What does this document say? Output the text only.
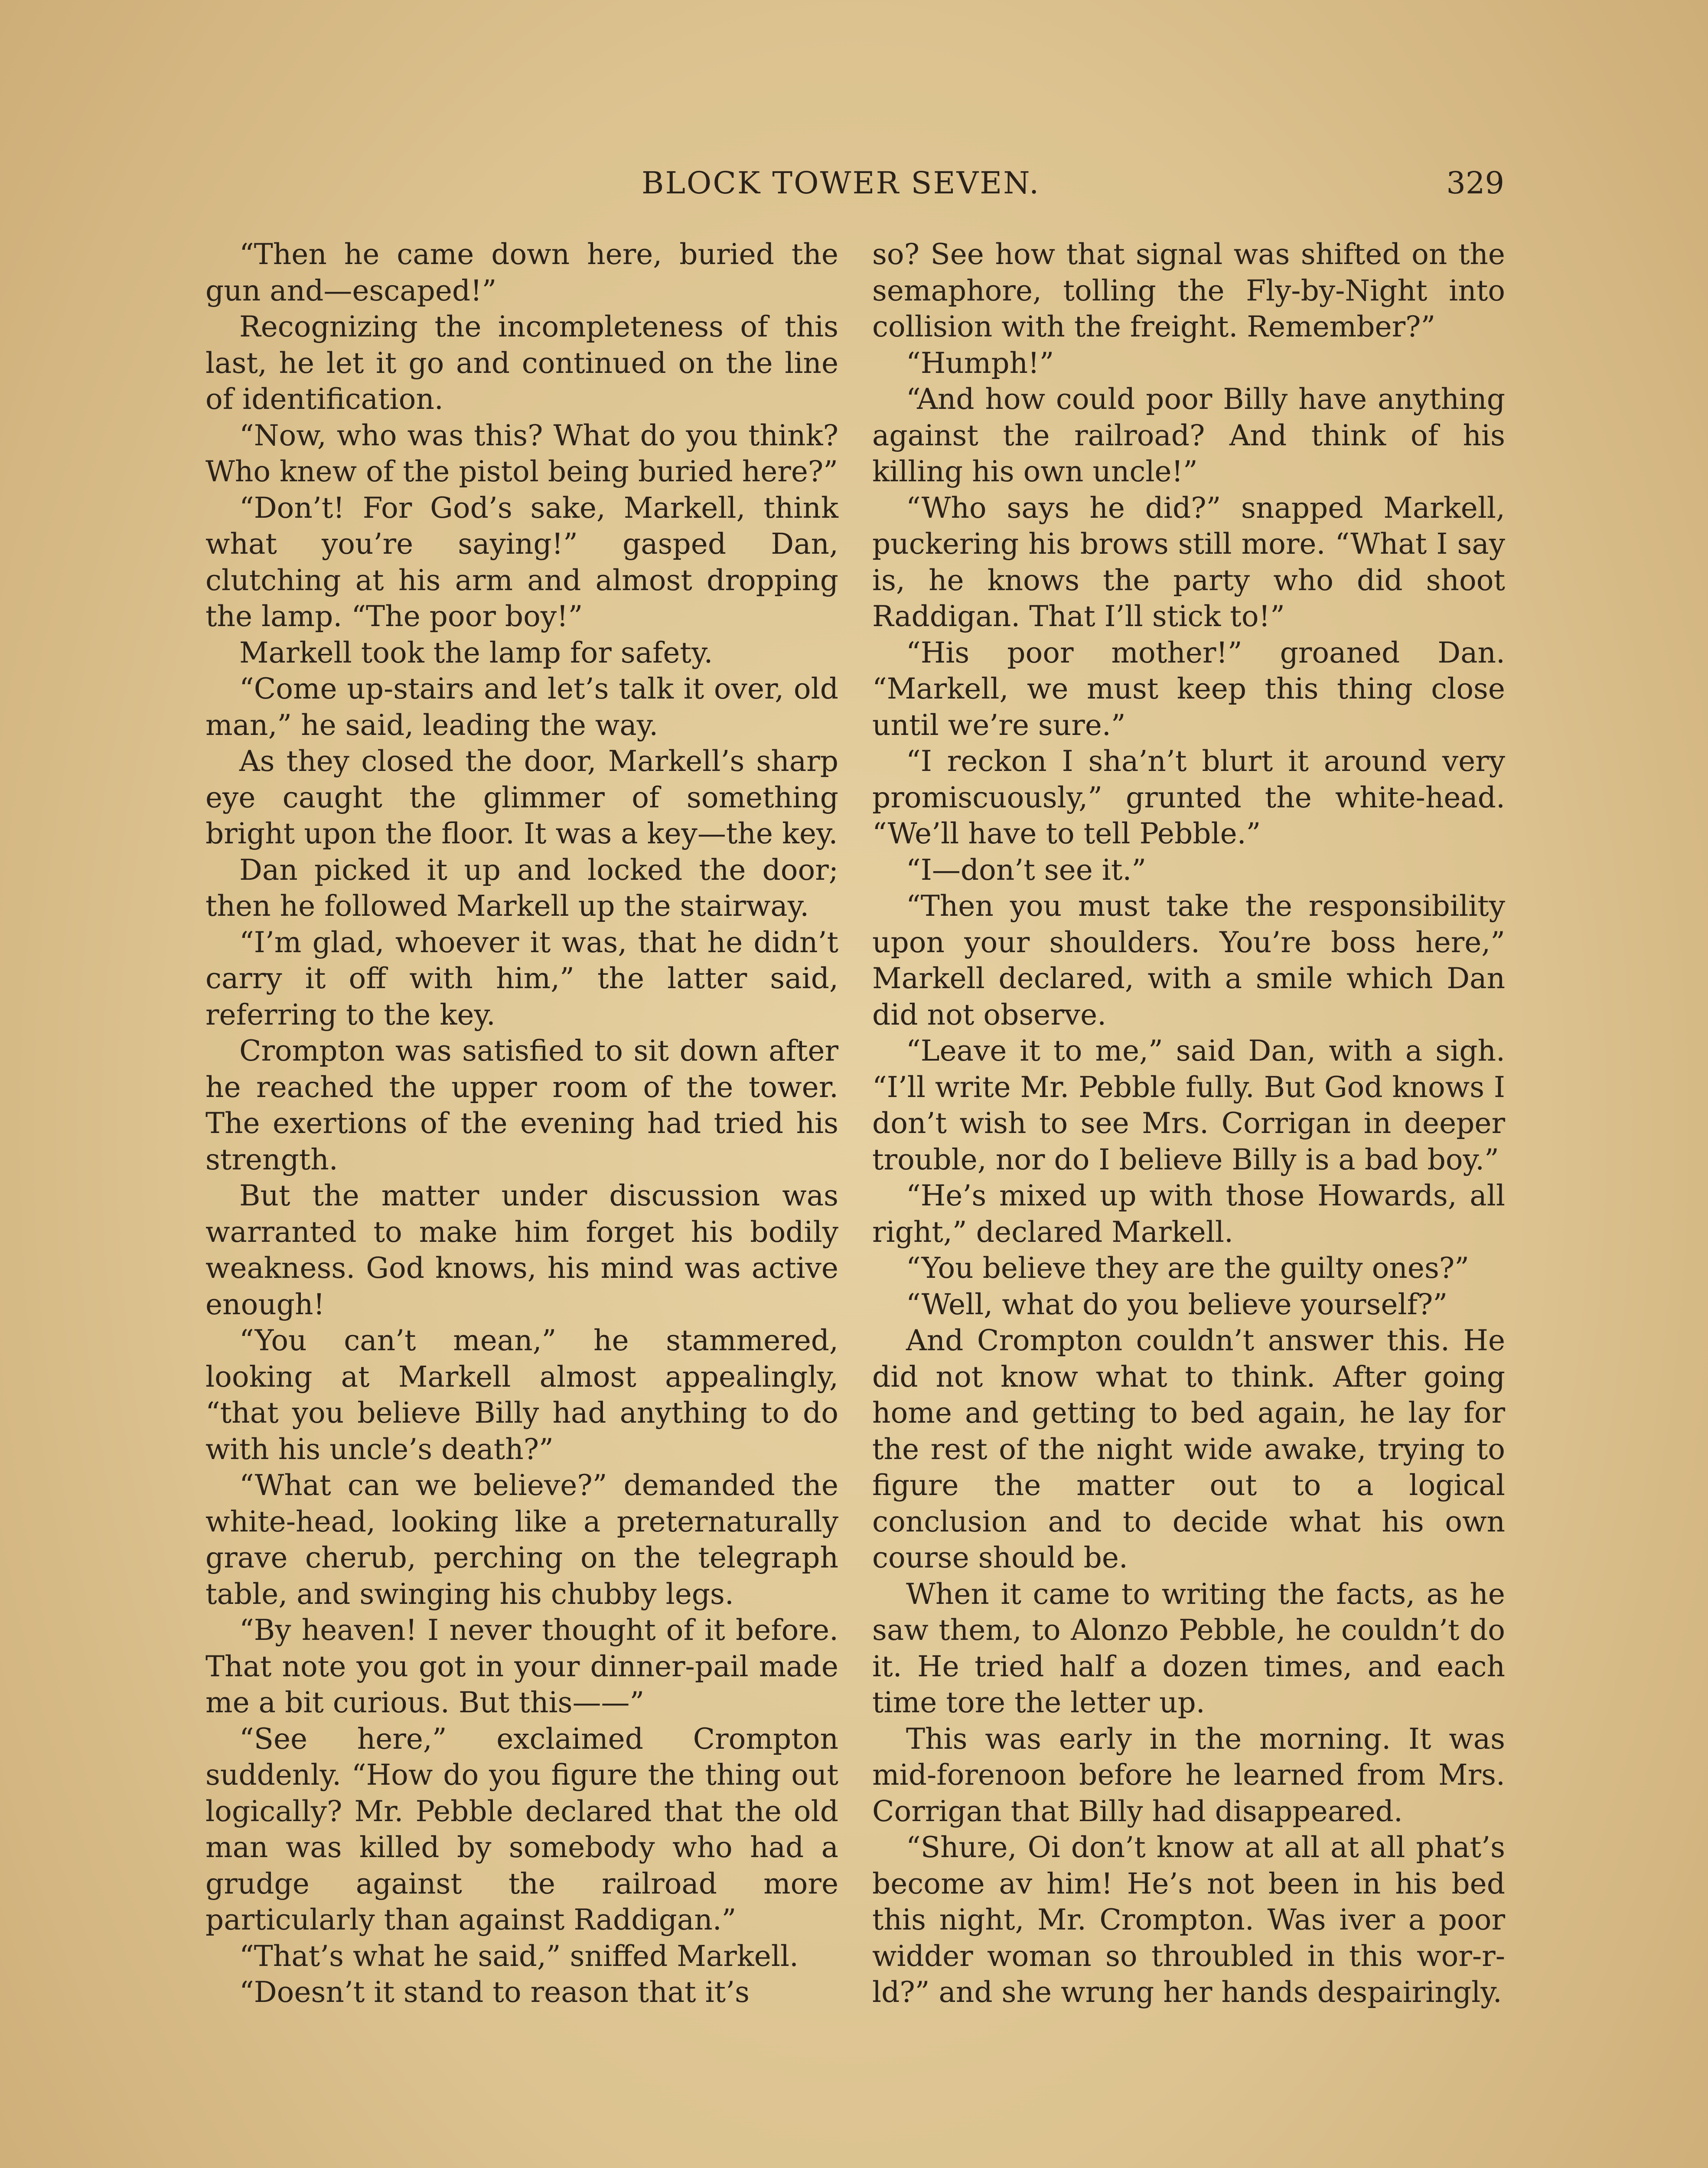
BLOCK TOWER SEVEN.	329

“Then he came down here, buried the gun and—escaped!”

Recognizing the incompleteness of this last, he let it go and continued on the line of identification.

“Now, who was this? What do you think? Who knew of the pistol being buried here?”

“Don’t! For God’s sake, Markell, think what you’re saying!” gasped Dan, clutching at his arm and almost dropping the lamp. “The poor boy!”

Markell took the lamp for safety.

“Come up-stairs and let’s talk it over, old man,” he said, leading the way.

As they closed the door, Markell’s sharp eye caught the glimmer of something bright upon the floor. It was a key—the key.

Dan picked it up and locked the door; then he followed Markell up the stairway.

“I’m glad, whoever it was, that he didn’t carry it off with him,” the latter said, referring to the key.

Crompton was satisfied to sit down after he reached the upper room of the tower. The exertions of the evening had tried his strength.

But the matter under discussion was warranted to make him forget his bodily weakness. God knows, his mind was active enough!

“You can’t mean,” he stammered, looking at Markell almost appealingly, “that you believe Billy had anything to do with his uncle’s death?”

“What can we believe?” demanded the white-head, looking like a preternaturally grave cherub, perching on the telegraph table, and swinging his chubby legs.

“By heaven! I never thought of it before. That note you got in your dinner-pail made me a bit curious. But this——”

“See here,” exclaimed Crompton suddenly. “How do you figure the thing out logically? Mr. Pebble declared that the old man was killed by somebody who had a grudge against the railroad more particularly than against Raddigan.”

“That’s what he said,” sniffed Markell.

“Doesn’t it stand to reason that it’s

so? See how that signal was shifted on the semaphore, tolling the Fly-by-Night into collision with the freight. Remember?”

“Humph!”

“And how could poor Billy have anything against the railroad? And think of his killing his own uncle!”

“Who says he did?” snapped Markell, puckering his brows still more. “What I say is, he knows the party who did shoot Raddigan. That I’ll stick to!”

“His poor mother!” groaned Dan. “Markell, we must keep this thing close until we’re sure.”

“I reckon I sha’n’t blurt it around very promiscuously,” grunted the white-head. “We’ll have to tell Pebble.”

“I—don’t see it.”

“Then you must take the responsibility upon your shoulders. You’re boss here,” Markell declared, with a smile which Dan did not observe.

“Leave it to me,” said Dan, with a sigh. “I’ll write Mr. Pebble fully. But God knows I don’t wish to see Mrs. Corrigan in deeper trouble, nor do I believe Billy is a bad boy.”

“He’s mixed up with those Howards, all right,” declared Markell.

“You believe they are the guilty ones?”

“Well, what do you believe yourself?”

And Crompton couldn’t answer this. He did not know what to think. After going home and getting to bed again, he lay for the rest of the night wide awake, trying to figure the matter out to a logical conclusion and to decide what his own course should be.

When it came to writing the facts, as he saw them, to Alonzo Pebble, he couldn’t do it. He tried half a dozen times, and each time tore the letter up.

This was early in the morning. It was mid-forenoon before he learned from Mrs. Corrigan that Billy had disappeared.

“Shure, Oi don’t know at all at all phat’s become av him! He’s not been in his bed this night, Mr. Crompton. Was iver a poor widder woman so throubled in this wor-r-ld?” and she wrung her hands despairingly.
